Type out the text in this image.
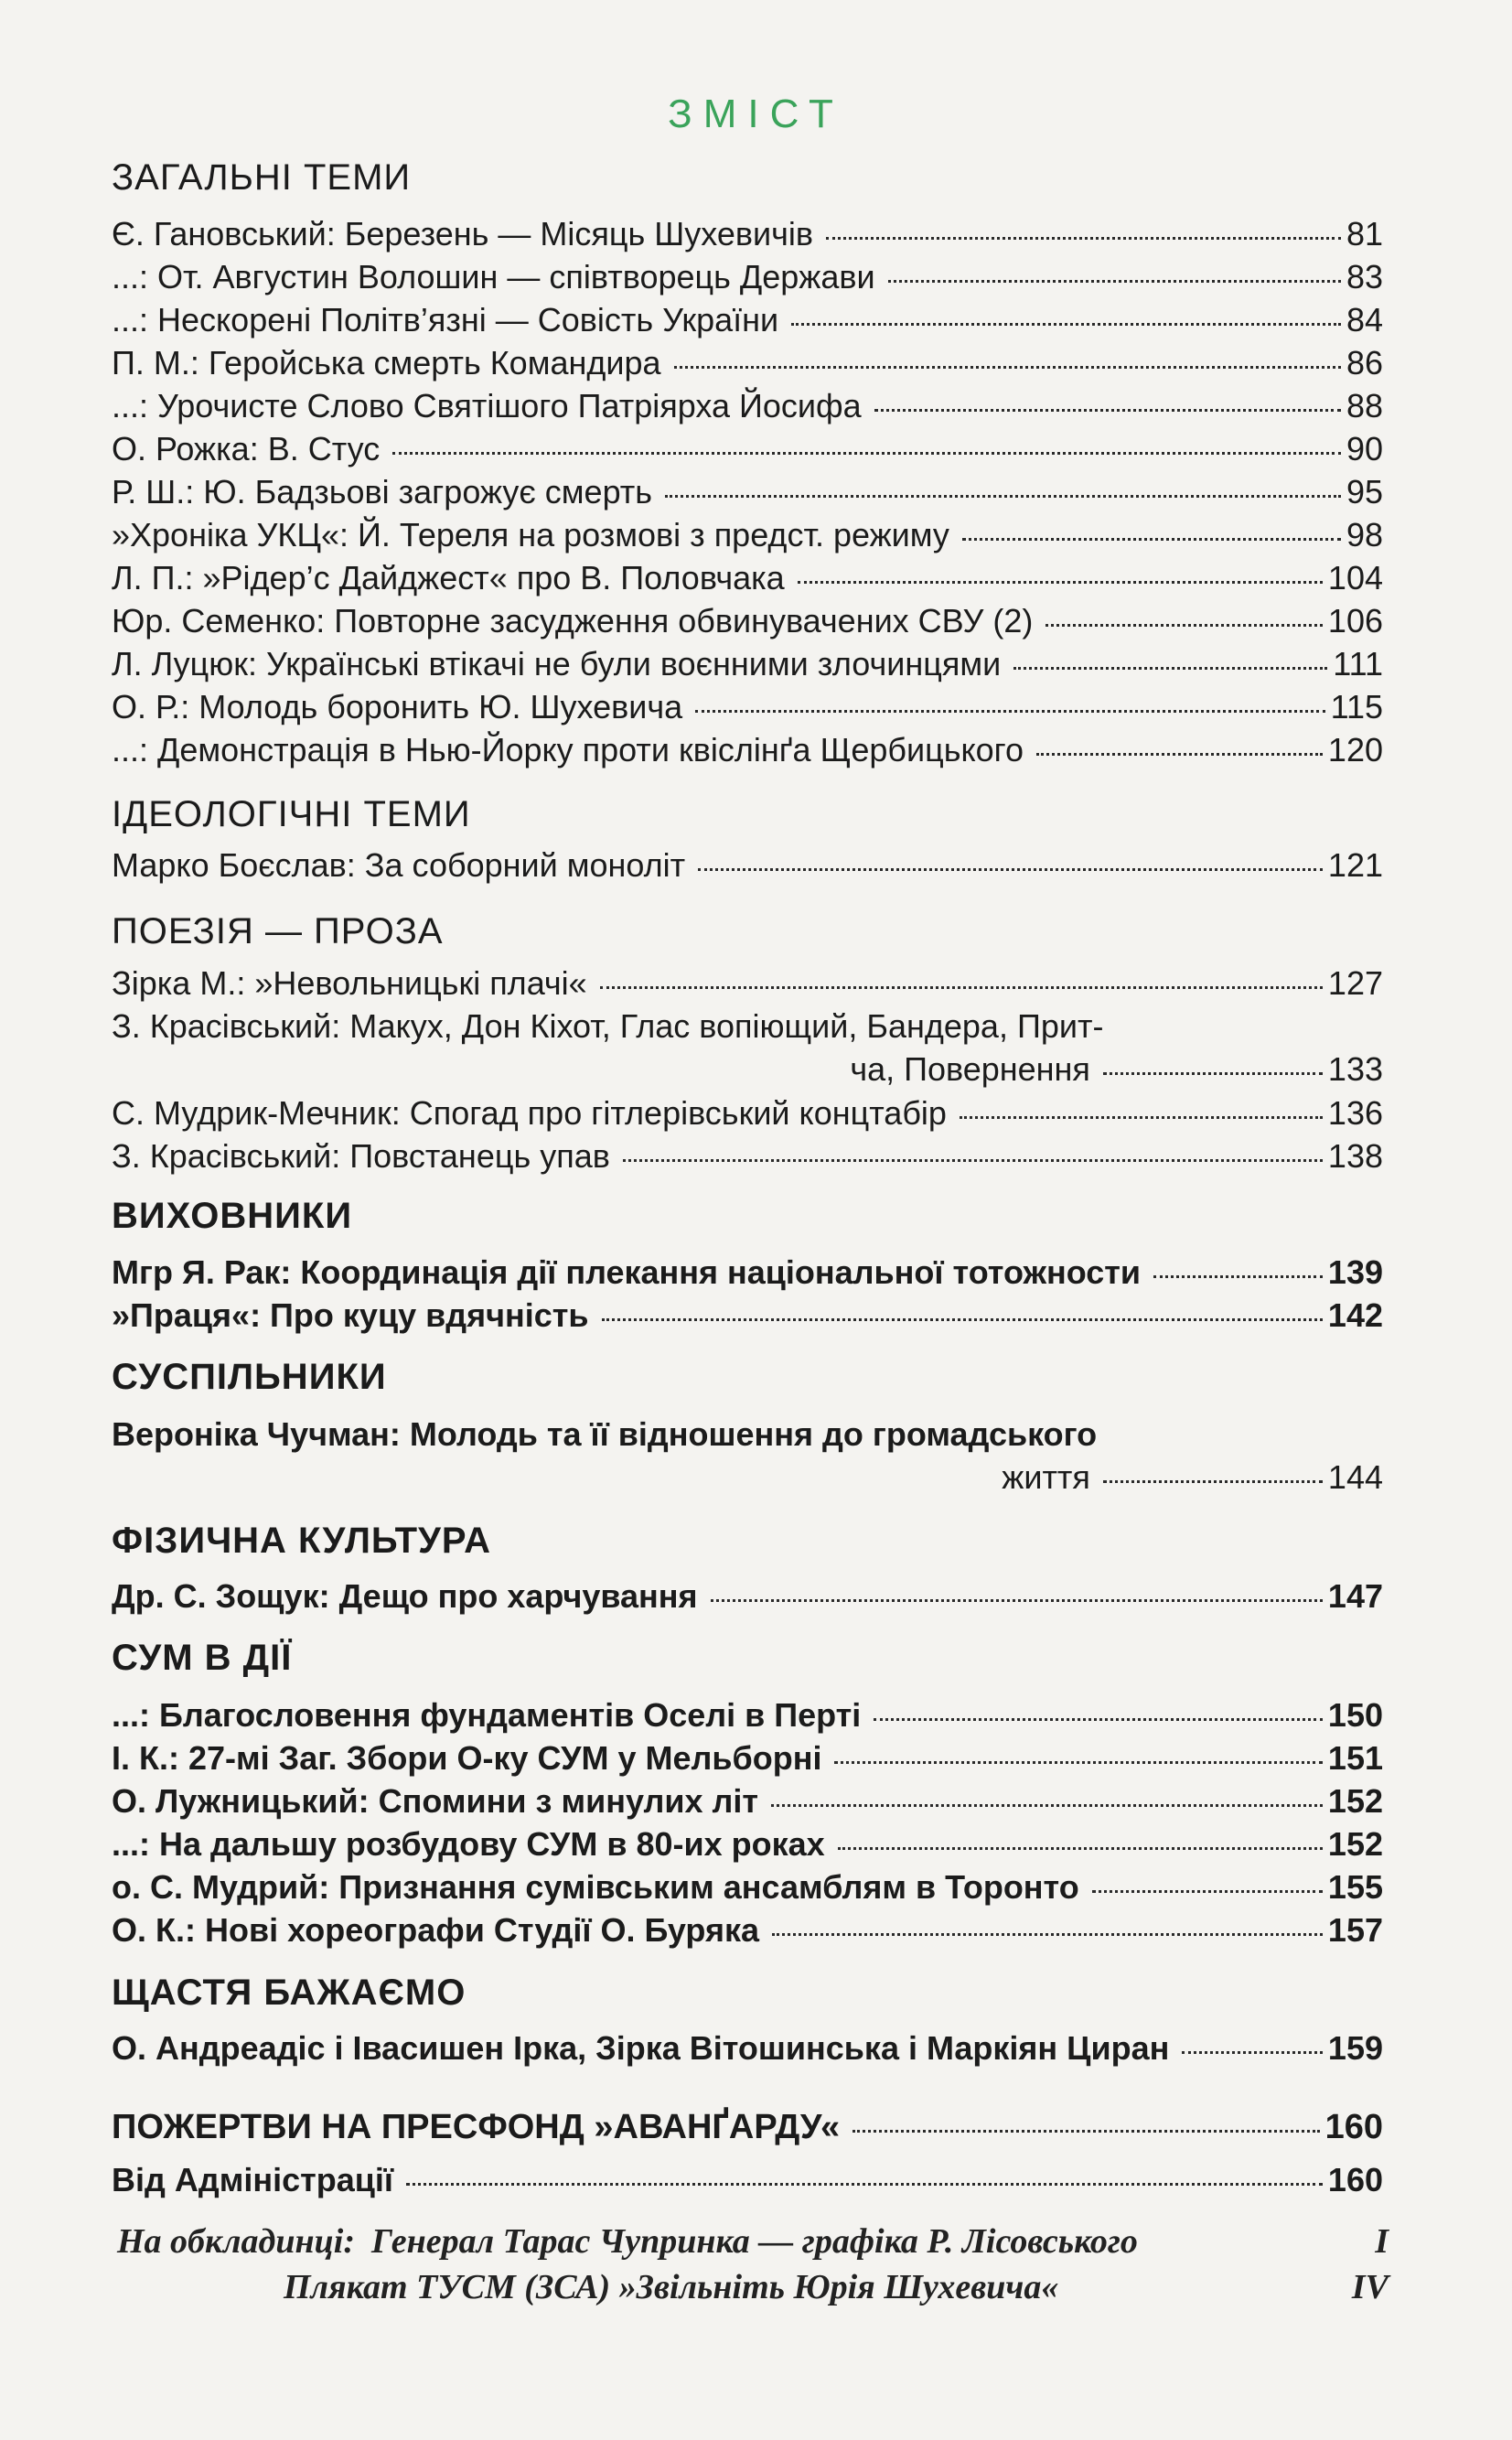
ЗМІСТ
ЗАГАЛЬНІ ТЕМИ
Є. Гановський: Березень — Місяць Шухевичів	81
...: От. Августин Волошин — співтворець Держави	83
...: Нескорені Політв’язні — Совість України	84
П. М.: Геройська смерть Командира	86
...: Урочисте Слово Святішого Патріярха Йосифа	88
О. Рожка: В. Стус	90
Р. Ш.: Ю. Бадзьові загрожує смерть	95
»Хроніка УКЦ«: Й. Тереля на розмові з предст. режиму	98
Л. П.: »Рідер’с Дайджест« про В. Половчака	104
Юр. Семенко: Повторне засудження обвинувачених СВУ (2)	106
Л. Луцюк: Українські втікачі не були воєнними злочинцями	111
О. Р.: Молодь боронить Ю. Шухевича	115
...: Демонстрація в Нью-Йорку проти квіслінґа Щербицького	120
ІДЕОЛОГІЧНІ ТЕМИ
Марко Боєслав: За соборний моноліт	121
ПОЕЗІЯ — ПРОЗА
Зірка М.: »Невольницькі плачі«	127
З. Красівський: Макух, Дон Кіхот, Глас вопіющий, Бандера, Прит-
ча, Повернення	133
С. Мудрик-Мечник: Спогад про гітлерівський концтабір	136
З. Красівський: Повстанець упав	138
ВИХОВНИКИ
Мгр Я. Рак: Координація дії плекання національної тотожности	139
»Праця«: Про куцу вдячність	142
СУСПІЛЬНИКИ
Вероніка Чучман: Молодь та її відношення до громадського
життя	144
ФІЗИЧНА КУЛЬТУРА
Др. С. Зощук: Дещо про харчування	147
СУМ В ДІЇ
...: Благословення фундаментів Оселі в Перті	150
І. К.: 27-мі Заг. Збори О-ку СУМ у Мельборні	151
О. Лужницький: Спомини з минулих літ	152
...: На дальшу розбудову СУМ в 80-их роках	152
о. С. Мудрий: Признання сумівським ансамблям в Торонто	155
О. К.: Нові хореографи Студії О. Буряка	157
ЩАСТЯ БАЖАЄМО
О. Андреадіс і Івасишен Ірка, Зірка Вітошинська і Маркіян Циран	159
ПОЖЕРТВИ НА ПРЕСФОНД »АВАНҐАРДУ«	160
Від Адміністрації	160
На обкладинці: Генерал Тарас Чупринка — графіка Р. Лісовського	I
Плякат ТУСМ (ЗСА) »Звільніть Юрія Шухевича«	IV
